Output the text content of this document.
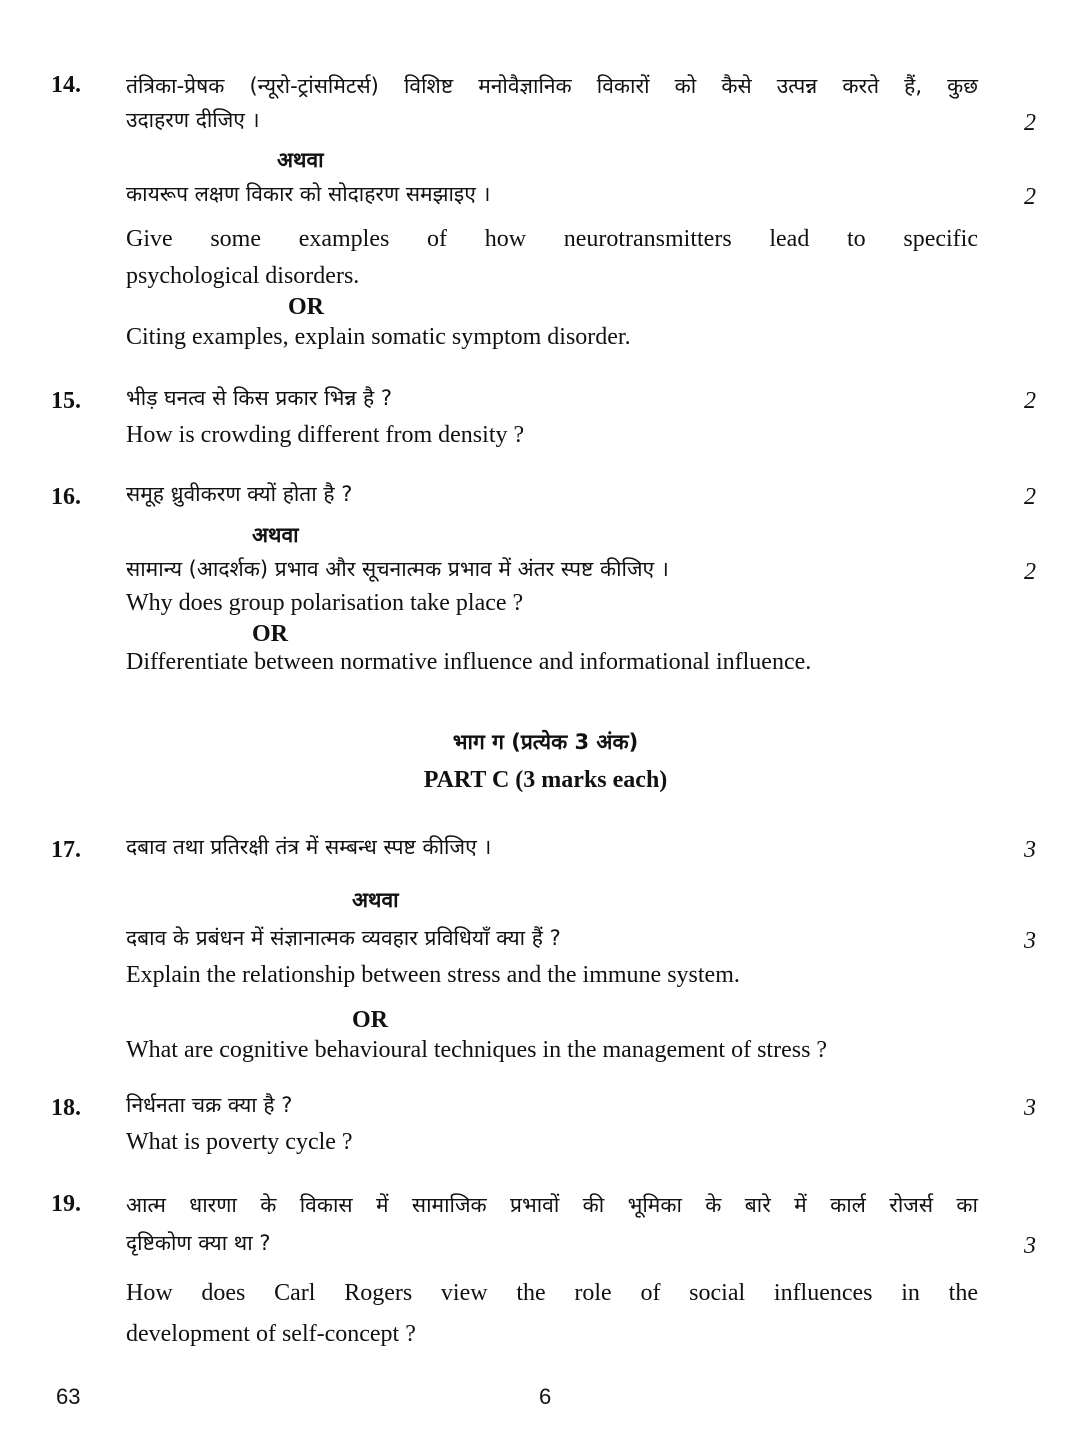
14. तंत्रिका-प्रेषक (न्यूरो-ट्रांसमिटर्स) विशिष्ट मनोवैज्ञानिक विकारों को कैसे उत्पन्न करते हैं, कुछ
उदाहरण दीजिए ।	2
अथवा
कायरूप लक्षण विकार को सोदाहरण समझाइए ।	2
Give some examples of how neurotransmitters lead to specific
psychological disorders.
OR
Citing examples, explain somatic symptom disorder.
15. भीड़ घनत्व से किस प्रकार भिन्न है ?	2
How is crowding different from density ?
16. समूह ध्रुवीकरण क्यों होता है ?	2
अथवा
सामान्य (आदर्शक) प्रभाव और सूचनात्मक प्रभाव में अंतर स्पष्ट कीजिए ।	2
Why does group polarisation take place ?
OR
Differentiate between normative influence and informational influence.
भाग ग (प्रत्येक 3 अंक)
PART C (3 marks each)
17. दबाव तथा प्रतिरक्षी तंत्र में सम्बन्ध स्पष्ट कीजिए ।	3
अथवा
दबाव के प्रबंधन में संज्ञानात्मक व्यवहार प्रविधियाँ क्या हैं ?	3
Explain the relationship between stress and the immune system.
OR
What are cognitive behavioural techniques in the management of stress ?
18. निर्धनता चक्र क्या है ?	3
What is poverty cycle ?
19. आत्म धारणा के विकास में सामाजिक प्रभावों की भूमिका के बारे में कार्ल रोजर्स का
दृष्टिकोण क्या था ?	3
How does Carl Rogers view the role of social influences in the
development of self-concept ?
63	6
